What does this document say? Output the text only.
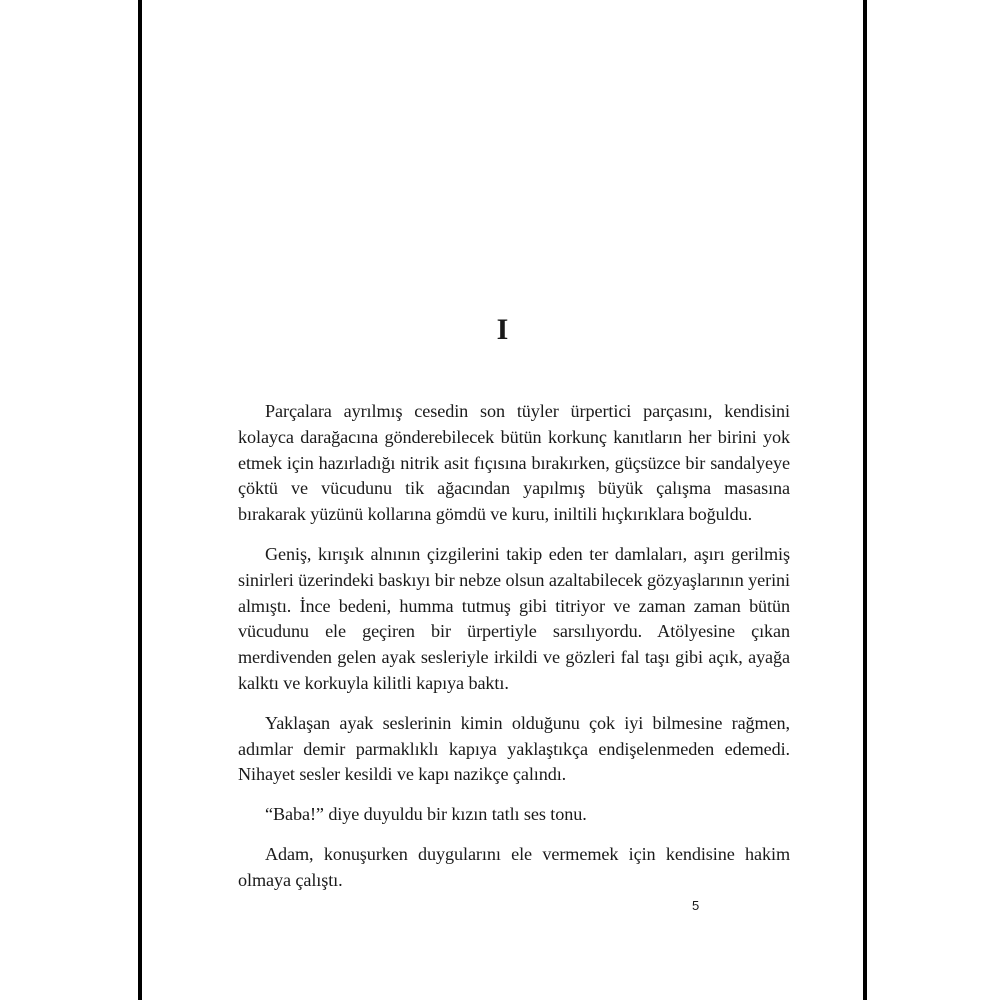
I

Parçalara ayrılmış cesedin son tüyler ürpertici parçasını, kendisini kolayca darağacına gönderebilecek bütün korkunç kanıtların her birini yok etmek için hazırladığı nitrik asit fıçısına bırakırken, güçsüzce bir sandalyeye çöktü ve vücudunu tik ağacından yapılmış büyük çalışma masasına bırakarak yüzünü kollarına gömdü ve kuru, iniltili hıçkırıklara boğuldu.

Geniş, kırışık alnının çizgilerini takip eden ter damlaları, aşırı gerilmiş sinirleri üzerindeki baskıyı bir nebze olsun azaltabilecek gözyaşlarının yerini almıştı. İnce bedeni, humma tutmuş gibi titriyor ve zaman zaman bütün vücudunu ele geçiren bir ürpertiyle sarsılıyordu. Atölyesine çıkan merdivenden gelen ayak sesleriyle irkildi ve gözleri fal taşı gibi açık, ayağa kalktı ve korkuyla kilitli kapıya baktı.

Yaklaşan ayak seslerinin kimin olduğunu çok iyi bilmesine rağmen, adımlar demir parmaklıklı kapıya yaklaştıkça endişelenmeden edemedi. Nihayet sesler kesildi ve kapı nazikçe çalındı.

“Baba!” diye duyuldu bir kızın tatlı ses tonu.

Adam, konuşurken duygularını ele vermemek için kendisine hakim olmaya çalıştı.

5
